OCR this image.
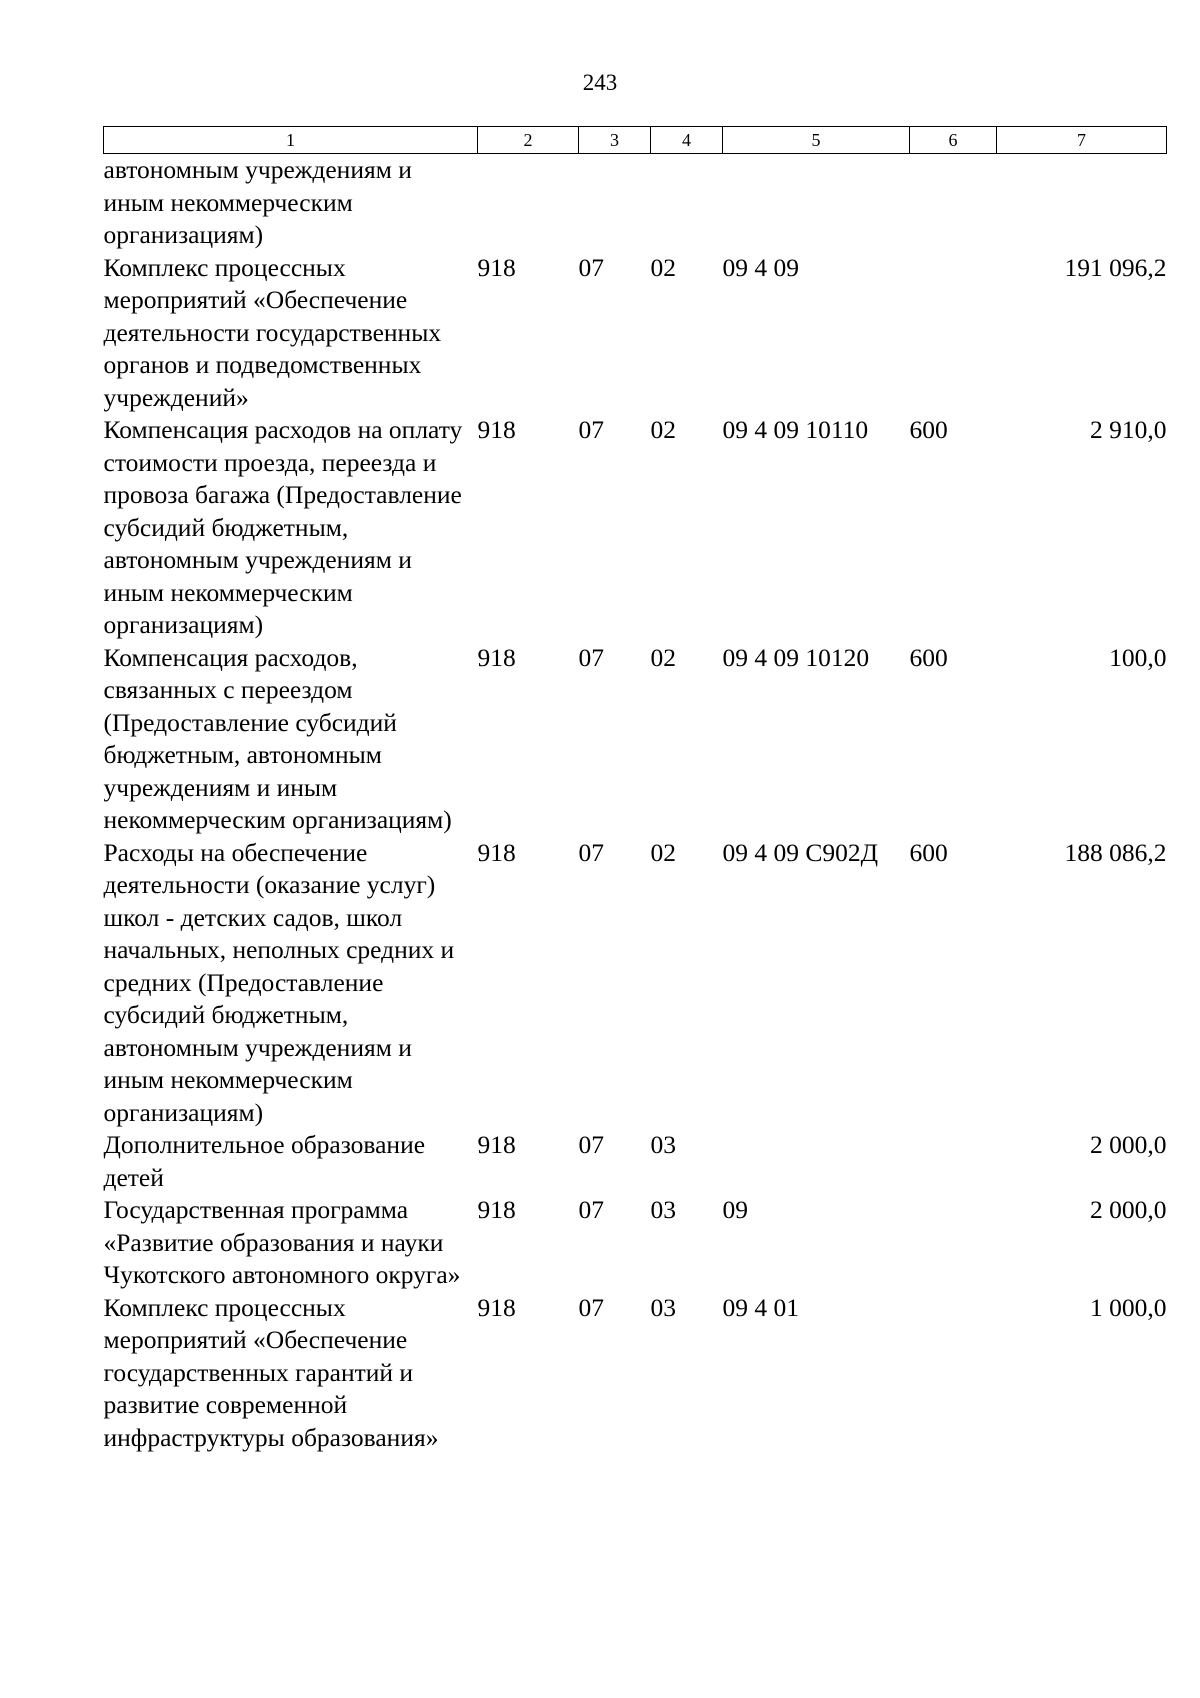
243
1	2	3	4	5	6	7
автономным учреждениям и иным некоммерческим организациям)						
Комплекс процессных мероприятий «Обеспечение деятельности государственных органов и подведомственных учреждений»	918	07	02	09 4 09		191 096,2
Компенсация расходов на оплату стоимости проезда, переезда и провоза багажа (Предоставление субсидий бюджетным, автономным учреждениям и иным некоммерческим организациям)	918	07	02	09 4 09 10110	600	2 910,0
Компенсация расходов, связанных с переездом (Предоставление субсидий бюджетным, автономным учреждениям и иным некоммерческим организациям)	918	07	02	09 4 09 10120	600	100,0
Расходы на обеспечение деятельности (оказание услуг) школ - детских садов, школ начальных, неполных средних и средних (Предоставление субсидий бюджетным, автономным учреждениям и иным некоммерческим организациям)	918	07	02	09 4 09 С902Д	600	188 086,2
Дополнительное образование детей	918	07	03			2 000,0
Государственная программа «Развитие образования и науки Чукотского автономного округа»	918	07	03	09		2 000,0
Комплекс процессных мероприятий «Обеспечение государственных гарантий и развитие современной инфраструктуры образования»	918	07	03	09 4 01		1 000,0
